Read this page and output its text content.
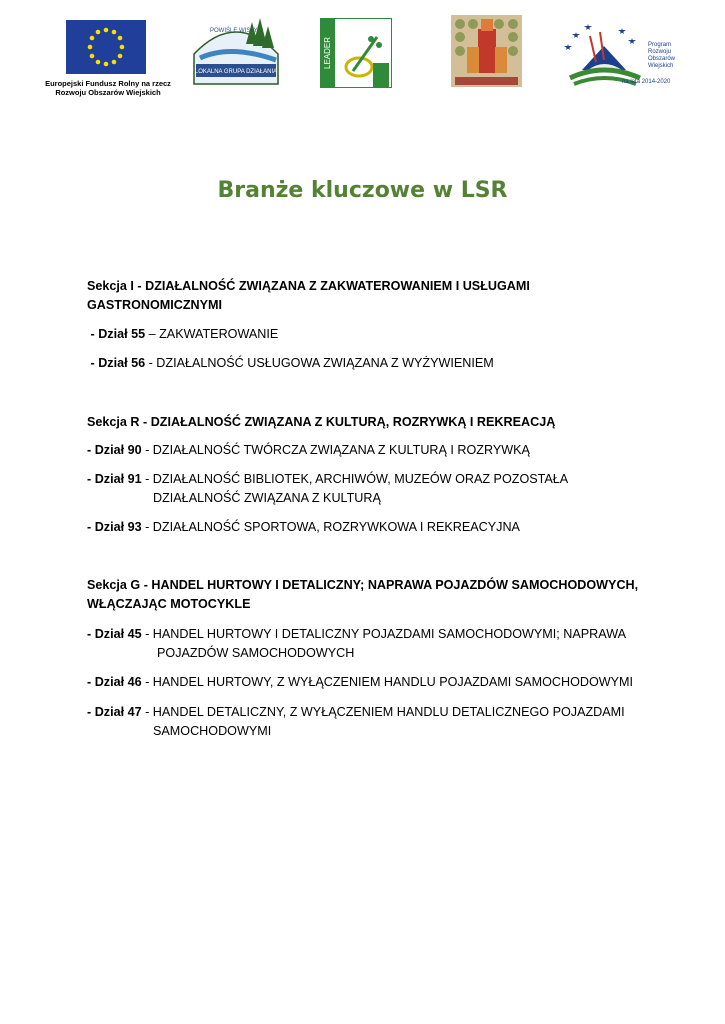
Europejski Fundusz Rolny na rzecz
Rozwoju Obszarów Wiejskich
LOKALNA GRUPA DZIAŁANIA
POWIŚLE WISŁY
LEADER	Program
Rozwoju
Obszarów
Wiejskich
na lata 2014-2020
Branże kluczowe w LSR
Sekcja I - DZIAŁALNOŚĆ ZWIĄZANA Z ZAKWATEROWANIEM I USŁUGAMI
GASTRONOMICZNYMI
- Dział 55 – ZAKWATEROWANIE
- Dział 56 - DZIAŁALNOŚĆ USŁUGOWA ZWIĄZANA Z WYŻYWIENIEM
Sekcja R - DZIAŁALNOŚĆ ZWIĄZANA Z KULTURĄ, ROZRYWKĄ I REKREACJĄ
- Dział 90 - DZIAŁALNOŚĆ TWÓRCZA ZWIĄZANA Z KULTURĄ I ROZRYWKĄ
- Dział 91 - DZIAŁALNOŚĆ BIBLIOTEK, ARCHIWÓW, MUZEÓW ORAZ POZOSTAŁA
DZIAŁALNOŚĆ ZWIĄZANA Z KULTURĄ
- Dział 93 - DZIAŁALNOŚĆ SPORTOWA, ROZRYWKOWA I REKREACYJNA
Sekcja G - HANDEL HURTOWY I DETALICZNY; NAPRAWA POJAZDÓW SAMOCHODOWYCH,
WŁĄCZAJĄC MOTOCYKLE
- Dział 45 - HANDEL HURTOWY I DETALICZNY POJAZDAMI SAMOCHODOWYMI; NAPRAWA
POJAZDÓW SAMOCHODOWYCH
- Dział 46 - HANDEL HURTOWY, Z WYŁĄCZENIEM HANDLU POJAZDAMI SAMOCHODOWYMI
- Dział 47 - HANDEL DETALICZNY, Z WYŁĄCZENIEM HANDLU DETALICZNEGO POJAZDAMI
SAMOCHODOWYMI
